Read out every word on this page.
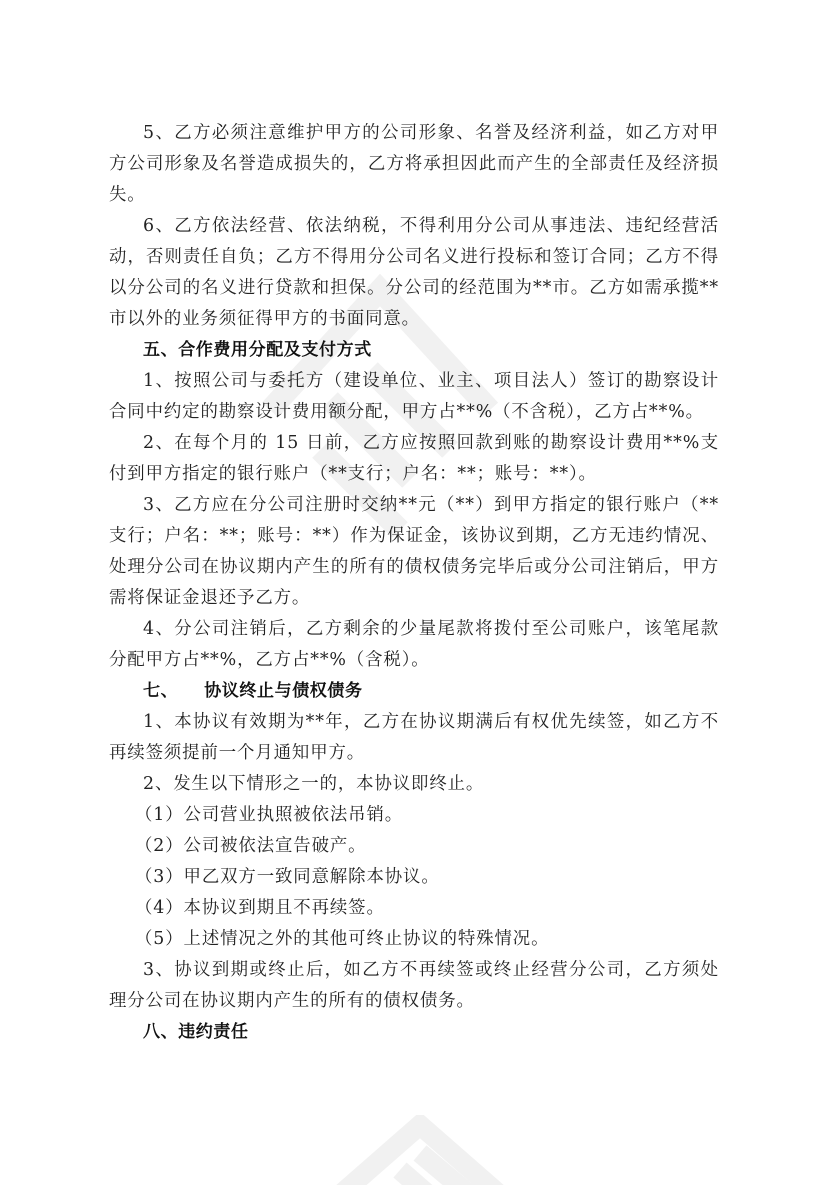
5、乙方必须注意维护甲方的公司形象、名誉及经济利益，如乙方对甲方公司形象及名誉造成损失的，乙方将承担因此而产生的全部责任及经济损失。

6、乙方依法经营、依法纳税，不得利用分公司从事违法、违纪经营活动，否则责任自负；乙方不得用分公司名义进行投标和签订合同；乙方不得以分公司的名义进行贷款和担保。分公司的经范围为**市。乙方如需承揽**市以外的业务须征得甲方的书面同意。

五、合作费用分配及支付方式

1、按照公司与委托方（建设单位、业主、项目法人）签订的勘察设计合同中约定的勘察设计费用额分配，甲方占**%（不含税），乙方占**%。

2、在每个月的 15 日前，乙方应按照回款到账的勘察设计费用**%支付到甲方指定的银行账户（**支行；户名：**；账号：**）。

3、乙方应在分公司注册时交纳**元（**）到甲方指定的银行账户（**支行；户名：**；账号：**）作为保证金，该协议到期，乙方无违约情况、处理分公司在协议期内产生的所有的债权债务完毕后或分公司注销后，甲方需将保证金退还予乙方。

4、分公司注销后，乙方剩余的少量尾款将拨付至公司账户，该笔尾款分配甲方占**%，乙方占**%（含税）。

七、 协议终止与债权债务

1、本协议有效期为**年，乙方在协议期满后有权优先续签，如乙方不再续签须提前一个月通知甲方。

2、发生以下情形之一的，本协议即终止。

（1）公司营业执照被依法吊销。

（2）公司被依法宣告破产。

（3）甲乙双方一致同意解除本协议。

（4）本协议到期且不再续签。

（5）上述情况之外的其他可终止协议的特殊情况。

3、协议到期或终止后，如乙方不再续签或终止经营分公司，乙方须处理分公司在协议期内产生的所有的债权债务。

八、违约责任
